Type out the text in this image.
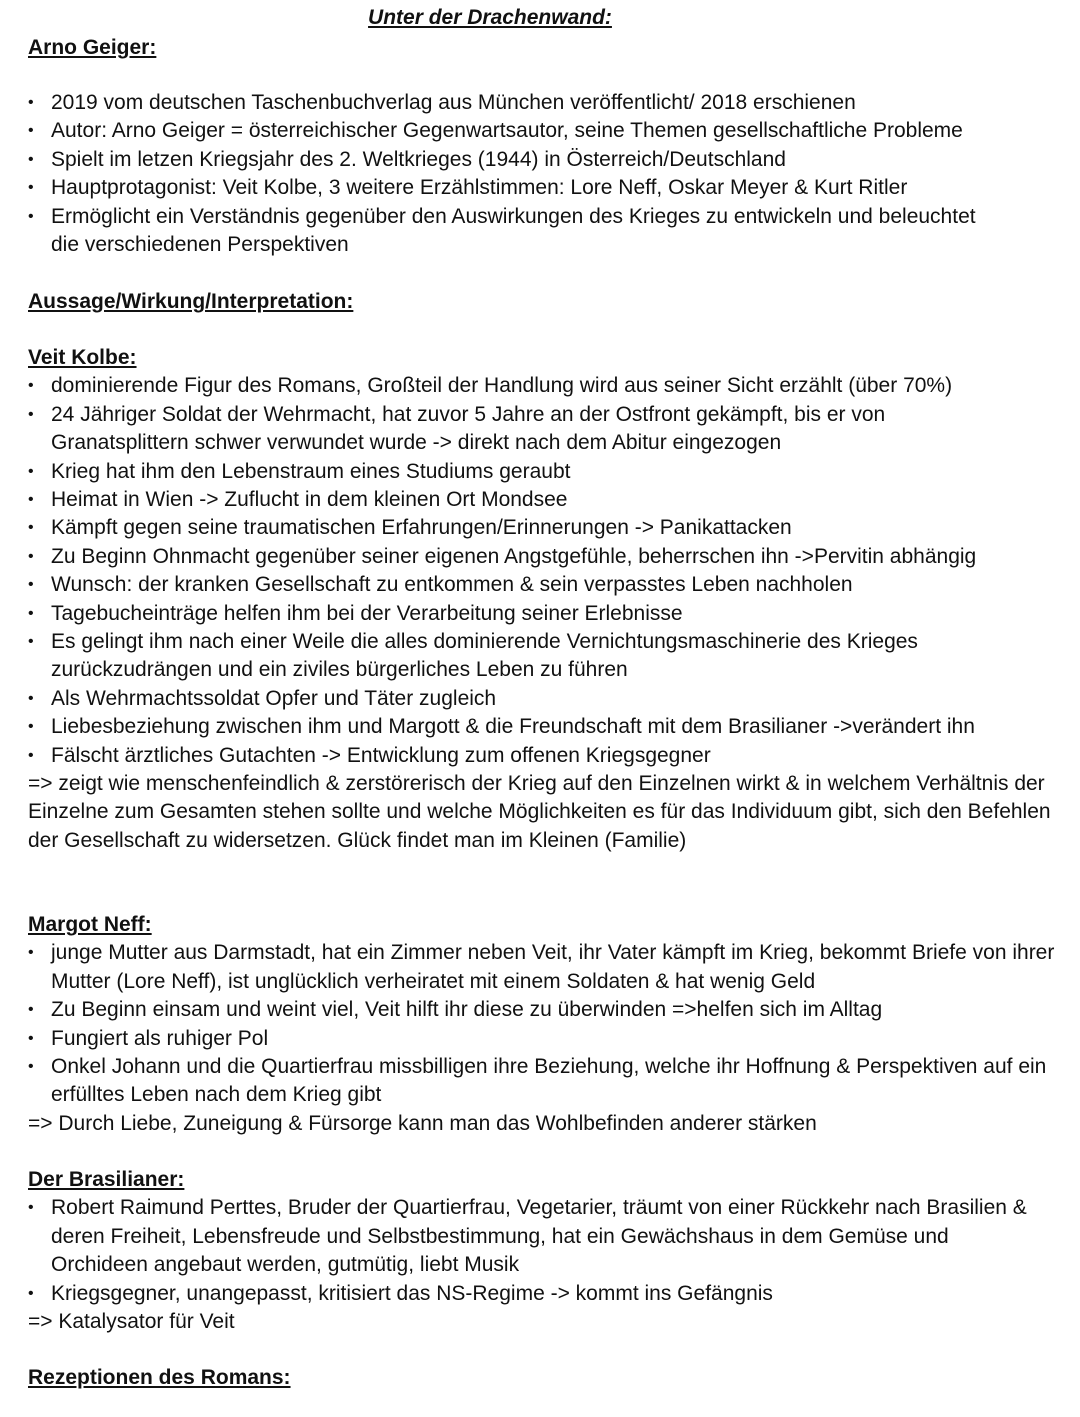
Unter der Drachenwand:
Arno Geiger:
• 2019 vom deutschen Taschenbuchverlag aus München veröffentlicht/ 2018 erschienen
• Autor: Arno Geiger = österreichischer Gegenwartsautor, seine Themen gesellschaftliche Probleme
• Spielt im letzen Kriegsjahr des 2. Weltkrieges (1944) in Österreich/Deutschland
• Hauptprotagonist: Veit Kolbe, 3 weitere Erzählstimmen: Lore Neff, Oskar Meyer & Kurt Ritler
• Ermöglicht ein Verständnis gegenüber den Auswirkungen des Krieges zu entwickeln und beleuchtet die verschiedenen Perspektiven
Aussage/Wirkung/Interpretation:
Veit Kolbe:
• dominierende Figur des Romans, Großteil der Handlung wird aus seiner Sicht erzählt (über 70%)
• 24 Jähriger Soldat der Wehrmacht, hat zuvor 5 Jahre an der Ostfront gekämpft, bis er von Granatsplittern schwer verwundet wurde -> direkt nach dem Abitur eingezogen
• Krieg hat ihm den Lebenstraum eines Studiums geraubt
• Heimat in Wien -> Zuflucht in dem kleinen Ort Mondsee
• Kämpft gegen seine traumatischen Erfahrungen/Erinnerungen -> Panikattacken
• Zu Beginn Ohnmacht gegenüber seiner eigenen Angstgefühle, beherrschen ihn ->Pervitin abhängig
• Wunsch: der kranken Gesellschaft zu entkommen & sein verpasstes Leben nachholen
• Tagebucheinträge helfen ihm bei der Verarbeitung seiner Erlebnisse
• Es gelingt ihm nach einer Weile die alles dominierende Vernichtungsmaschinerie des Krieges zurückzudrängen und ein ziviles bürgerliches Leben zu führen
• Als Wehrmachtssoldat Opfer und Täter zugleich
• Liebesbeziehung zwischen ihm und Margott & die Freundschaft mit dem Brasilianer ->verändert ihn
• Fälscht ärztliches Gutachten -> Entwicklung zum offenen Kriegsgegner
=> zeigt wie menschenfeindlich & zerstörerisch der Krieg auf den Einzelnen wirkt & in welchem Verhältnis der Einzelne zum Gesamten stehen sollte und welche Möglichkeiten es für das Individuum gibt, sich den Befehlen der Gesellschaft zu widersetzen. Glück findet man im Kleinen (Familie)
Margot Neff:
• junge Mutter aus Darmstadt, hat ein Zimmer neben Veit, ihr Vater kämpft im Krieg, bekommt Briefe von ihrer Mutter (Lore Neff), ist unglücklich verheiratet mit einem Soldaten & hat wenig Geld
• Zu Beginn einsam und weint viel, Veit hilft ihr diese zu überwinden =>helfen sich im Alltag
• Fungiert als ruhiger Pol
• Onkel Johann und die Quartierfrau missbilligen ihre Beziehung, welche ihr Hoffnung & Perspektiven auf ein erfülltes Leben nach dem Krieg gibt
=> Durch Liebe, Zuneigung & Fürsorge kann man das Wohlbefinden anderer stärken
Der Brasilianer:
• Robert Raimund Perttes, Bruder der Quartierfrau, Vegetarier, träumt von einer Rückkehr nach Brasilien & deren Freiheit, Lebensfreude und Selbstbestimmung, hat ein Gewächshaus in dem Gemüse und Orchideen angebaut werden, gutmütig, liebt Musik
• Kriegsgegner, unangepasst, kritisiert das NS-Regime -> kommt ins Gefängnis
=> Katalysator für Veit
Rezeptionen des Romans:
